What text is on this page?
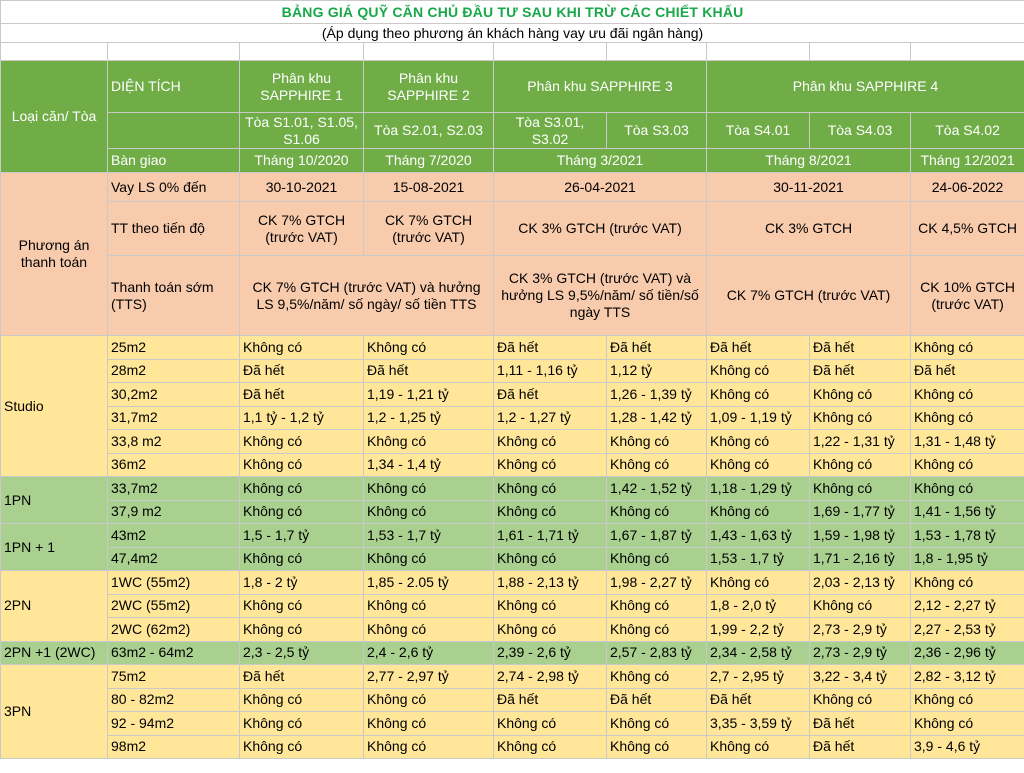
BẢNG GIÁ QUỸ CĂN CHỦ ĐẦU TƯ SAU KHI TRỪ CÁC CHIẾT KHẤU								
(Áp dụng theo phương án khách hàng vay ưu đãi ngân hàng)								

Loại căn/ Tòa	DIỆN TÍCH	Phân khu SAPPHIRE 1	Phân khu SAPPHIRE 2	Phân khu SAPPHIRE 3		Phân khu SAPPHIRE 4		
		Tòa S1.01, S1.05, S1.06	Tòa S2.01, S2.03	Tòa S3.01, S3.02	Tòa S3.03	Tòa S4.01	Tòa S4.03	Tòa S4.02
	Bàn giao	Tháng 10/2020	Tháng 7/2020	Tháng 3/2021		Tháng 8/2021		Tháng 12/2021
Phương án thanh toán	Vay LS 0% đến	30-10-2021	15-08-2021	26-04-2021		30-11-2021		24-06-2022
	TT theo tiến độ	CK 7% GTCH (trước VAT)	CK 7% GTCH (trước VAT)	CK 3% GTCH (trước VAT)		CK 3% GTCH		CK 4,5% GTCH
	Thanh toán sớm (TTS)	CK 7% GTCH (trước VAT) và hưởng LS 9,5%/năm/ số ngày/ số tiền TTS		CK 3% GTCH (trước VAT) và hưởng LS 9,5%/năm/ số tiền/số ngày TTS		CK 7% GTCH (trước VAT)		CK 10% GTCH (trước VAT)
Studio	25m2	Không có	Không có	Đã hết	Đã hết	Đã hết	Đã hết	Không có
	28m2	Đã hết	Đã hết	1,11 - 1,16 tỷ	1,12 tỷ	Không có	Đã hết	Đã hết
	30,2m2	Đã hết	1,19 - 1,21 tỷ	Đã hết	1,26 - 1,39 tỷ	Không có	Không có	Không có
	31,7m2	1,1 tỷ - 1,2 tỷ	1,2 - 1,25 tỷ	1,2 - 1,27 tỷ	1,28 - 1,42 tỷ	1,09 - 1,19 tỷ	Không có	Không có
	33,8 m2	Không có	Không có	Không có	Không có	Không có	1,22 - 1,31 tỷ	1,31 - 1,48 tỷ
	36m2	Không có	1,34 - 1,4 tỷ	Không có	Không có	Không có	Không có	Không có
1PN	33,7m2	Không có	Không có	Không có	1,42 - 1,52 tỷ	1,18 - 1,29 tỷ	Không có	Không có
	37,9 m2	Không có	Không có	Không có	Không có	Không có	1,69 - 1,77 tỷ	1,41 - 1,56 tỷ
1PN + 1	43m2	1,5 - 1,7 tỷ	1,53 - 1,7 tỷ	1,61 - 1,71 tỷ	1,67 - 1,87 tỷ	1,43 - 1,63 tỷ	1,59 - 1,98 tỷ	1,53 - 1,78 tỷ
	47,4m2	Không có	Không có	Không có	Không có	1,53 - 1,7 tỷ	1,71 - 2,16 tỷ	1,8 - 1,95 tỷ
2PN	1WC (55m2)	1,8 - 2 tỷ	1,85 - 2.05 tỷ	1,88 - 2,13 tỷ	1,98 - 2,27 tỷ	Không có	2,03 - 2,13 tỷ	Không có
	2WC (55m2)	Không có	Không có	Không có	Không có	1,8 - 2,0 tỷ	Không có	2,12 - 2,27 tỷ
	2WC (62m2)	Không có	Không có	Không có	Không có	1,99 - 2,2 tỷ	2,73 - 2,9 tỷ	2,27 - 2,53 tỷ
2PN +1 (2WC)	63m2 - 64m2	2,3 - 2,5 tỷ	2,4 - 2,6 tỷ	2,39 - 2,6 tỷ	2,57 - 2,83 tỷ	2,34 - 2,58 tỷ	2,73 - 2,9 tỷ	2,36 - 2,96 tỷ
3PN	75m2	Đã hết	2,77 - 2,97 tỷ	2,74 - 2,98 tỷ	Không có	2,7 - 2,95 tỷ	3,22 - 3,4 tỷ	2,82 - 3,12 tỷ
	80 - 82m2	Không có	Không có	Đã hết	Đã hết	Đã hết	Không có	Không có
	92 - 94m2	Không có	Không có	Không có	Không có	3,35 - 3,59 tỷ	Đã hết	Không có
	98m2	Không có	Không có	Không có	Không có	Không có	Đã hết	3,9 - 4,6 tỷ
